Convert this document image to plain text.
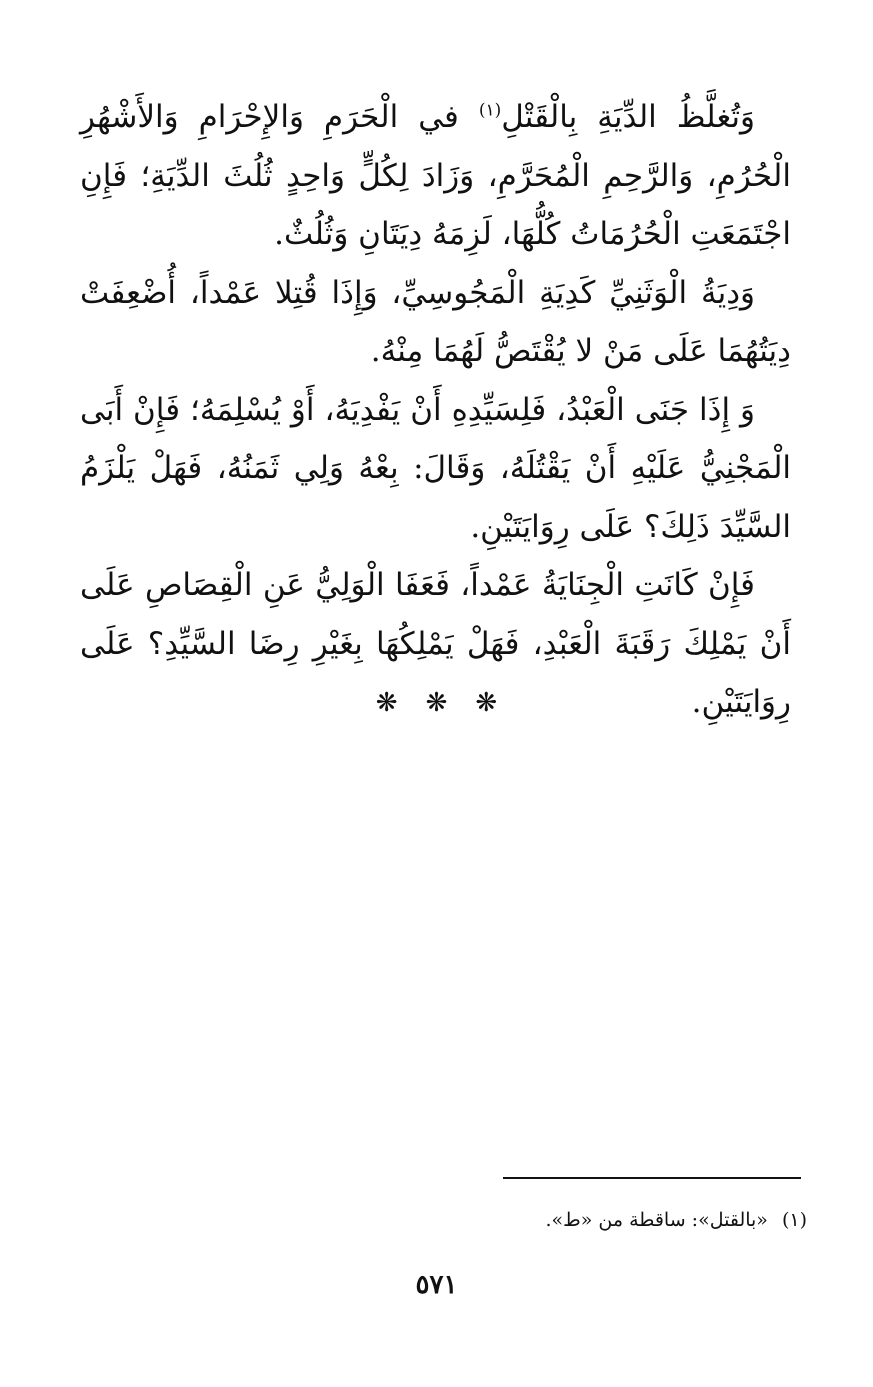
وَتُغلَّظُ الدِّيَةِ بِالْقَتْلِ$^{(١)}$ في الْحَرَمِ وَالإِحْرَامِ وَالأَشْهُرِ الْحُرُمِ، وَالرَّحِمِ الْمُحَرَّمِ، وَزَادَ لِكُلٍّ وَاحِدٍ ثُلُثَ الدِّيَةِ؛ فَإِنِ اجْتَمَعَتِ الْحُرُمَاتُ كُلُّهَا، لَزِمَهُ دِيَتَانِ وَثُلُثٌ.

وَدِيَةُ الْوَثَنِيِّ كَدِيَةِ الْمَجُوسِيِّ، وَإِذَا قُتِلا عَمْداً، أُضْعِفَتْ دِيَتُهُمَا عَلَى مَنْ لا يُقْتَصُّ لَهُمَا مِنْهُ.

وَ إِذَا جَنَى الْعَبْدُ، فَلِسَيِّدِهِ أَنْ يَفْدِيَهُ، أَوْ يُسْلِمَهُ؛ فَإِنْ أَبَى الْمَجْنِيُّ عَلَيْهِ أَنْ يَقْتُلَهُ، وَقَالَ: بِعْهُ وَلِي ثَمَنُهُ، فَهَلْ يَلْزَمُ السَّيِّدَ ذَلِكَ؟ عَلَى رِوَايَتَيْنِ.

فَإِنْ كَانَتِ الْجِنَايَةُ عَمْداً، فَعَفَا الْوَلِيُّ عَنِ الْقِصَاصِ عَلَى أَنْ يَمْلِكَ رَقَبَةَ الْعَبْدِ، فَهَلْ يَمْلِكُهَا بِغَيْرِ رِضَا السَّيِّدِ؟ عَلَى رِوَايَتَيْنِ.

❋ ❋ ❋
(١)«بالقتل»: ساقطة من «ط».
٥٧١
